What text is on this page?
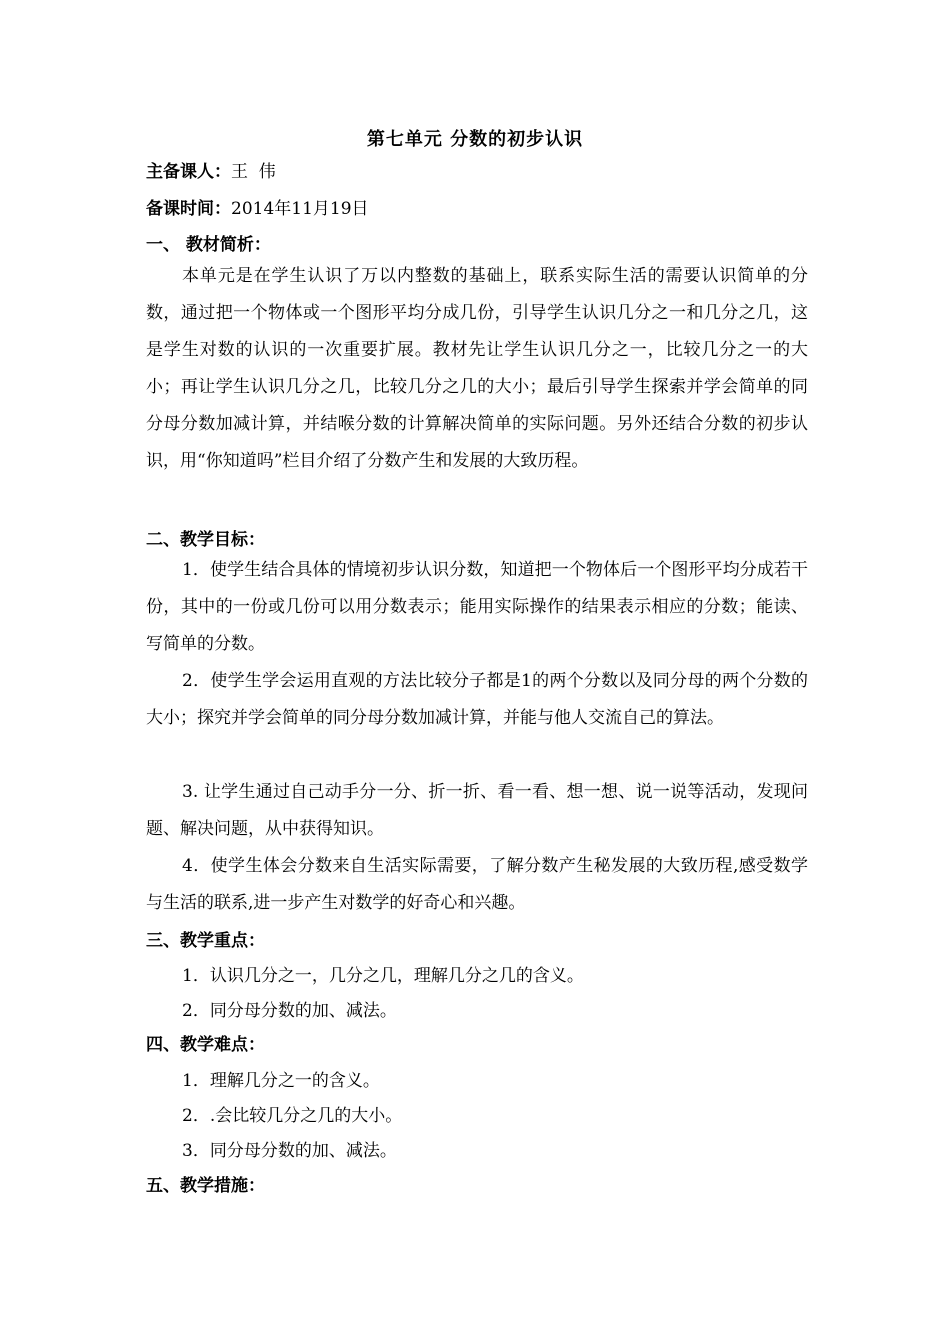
第七单元 分数的初步认识
主备课人：王  伟
备课时间：2014年11月19日
一、 教材简析：
本单元是在学生认识了万以内整数的基础上，联系实际生活的需要认识简单的分数，通过把一个物体或一个图形平均分成几份，引导学生认识几分之一和几分之几，这是学生对数的认识的一次重要扩展。教材先让学生认识几分之一，比较几分之一的大小；再让学生认识几分之几，比较几分之几的大小；最后引导学生探索并学会简单的同分母分数加减计算，并结喉分数的计算解决简单的实际问题。另外还结合分数的初步认识，用“你知道吗”栏目介绍了分数产生和发展的大致历程。
二、教学目标：
1．使学生结合具体的情境初步认识分数，知道把一个物体后一个图形平均分成若干份，其中的一份或几份可以用分数表示；能用实际操作的结果表示相应的分数；能读、写简单的分数。
2．使学生学会运用直观的方法比较分子都是1的两个分数以及同分母的两个分数的大小；探究并学会简单的同分母分数加减计算，并能与他人交流自己的算法。
3. 让学生通过自己动手分一分、折一折、看一看、想一想、说一说等活动，发现问题、解决问题，从中获得知识。
4．使学生体会分数来自生活实际需要，了解分数产生秘发展的大致历程,感受数学与生活的联系,进一步产生对数学的好奇心和兴趣。
三、教学重点：
1．认识几分之一，几分之几，理解几分之几的含义。
2．同分母分数的加、减法。
四、教学难点：
1．理解几分之一的含义。
2．.会比较几分之几的大小。
3．同分母分数的加、减法。
五、教学措施：
